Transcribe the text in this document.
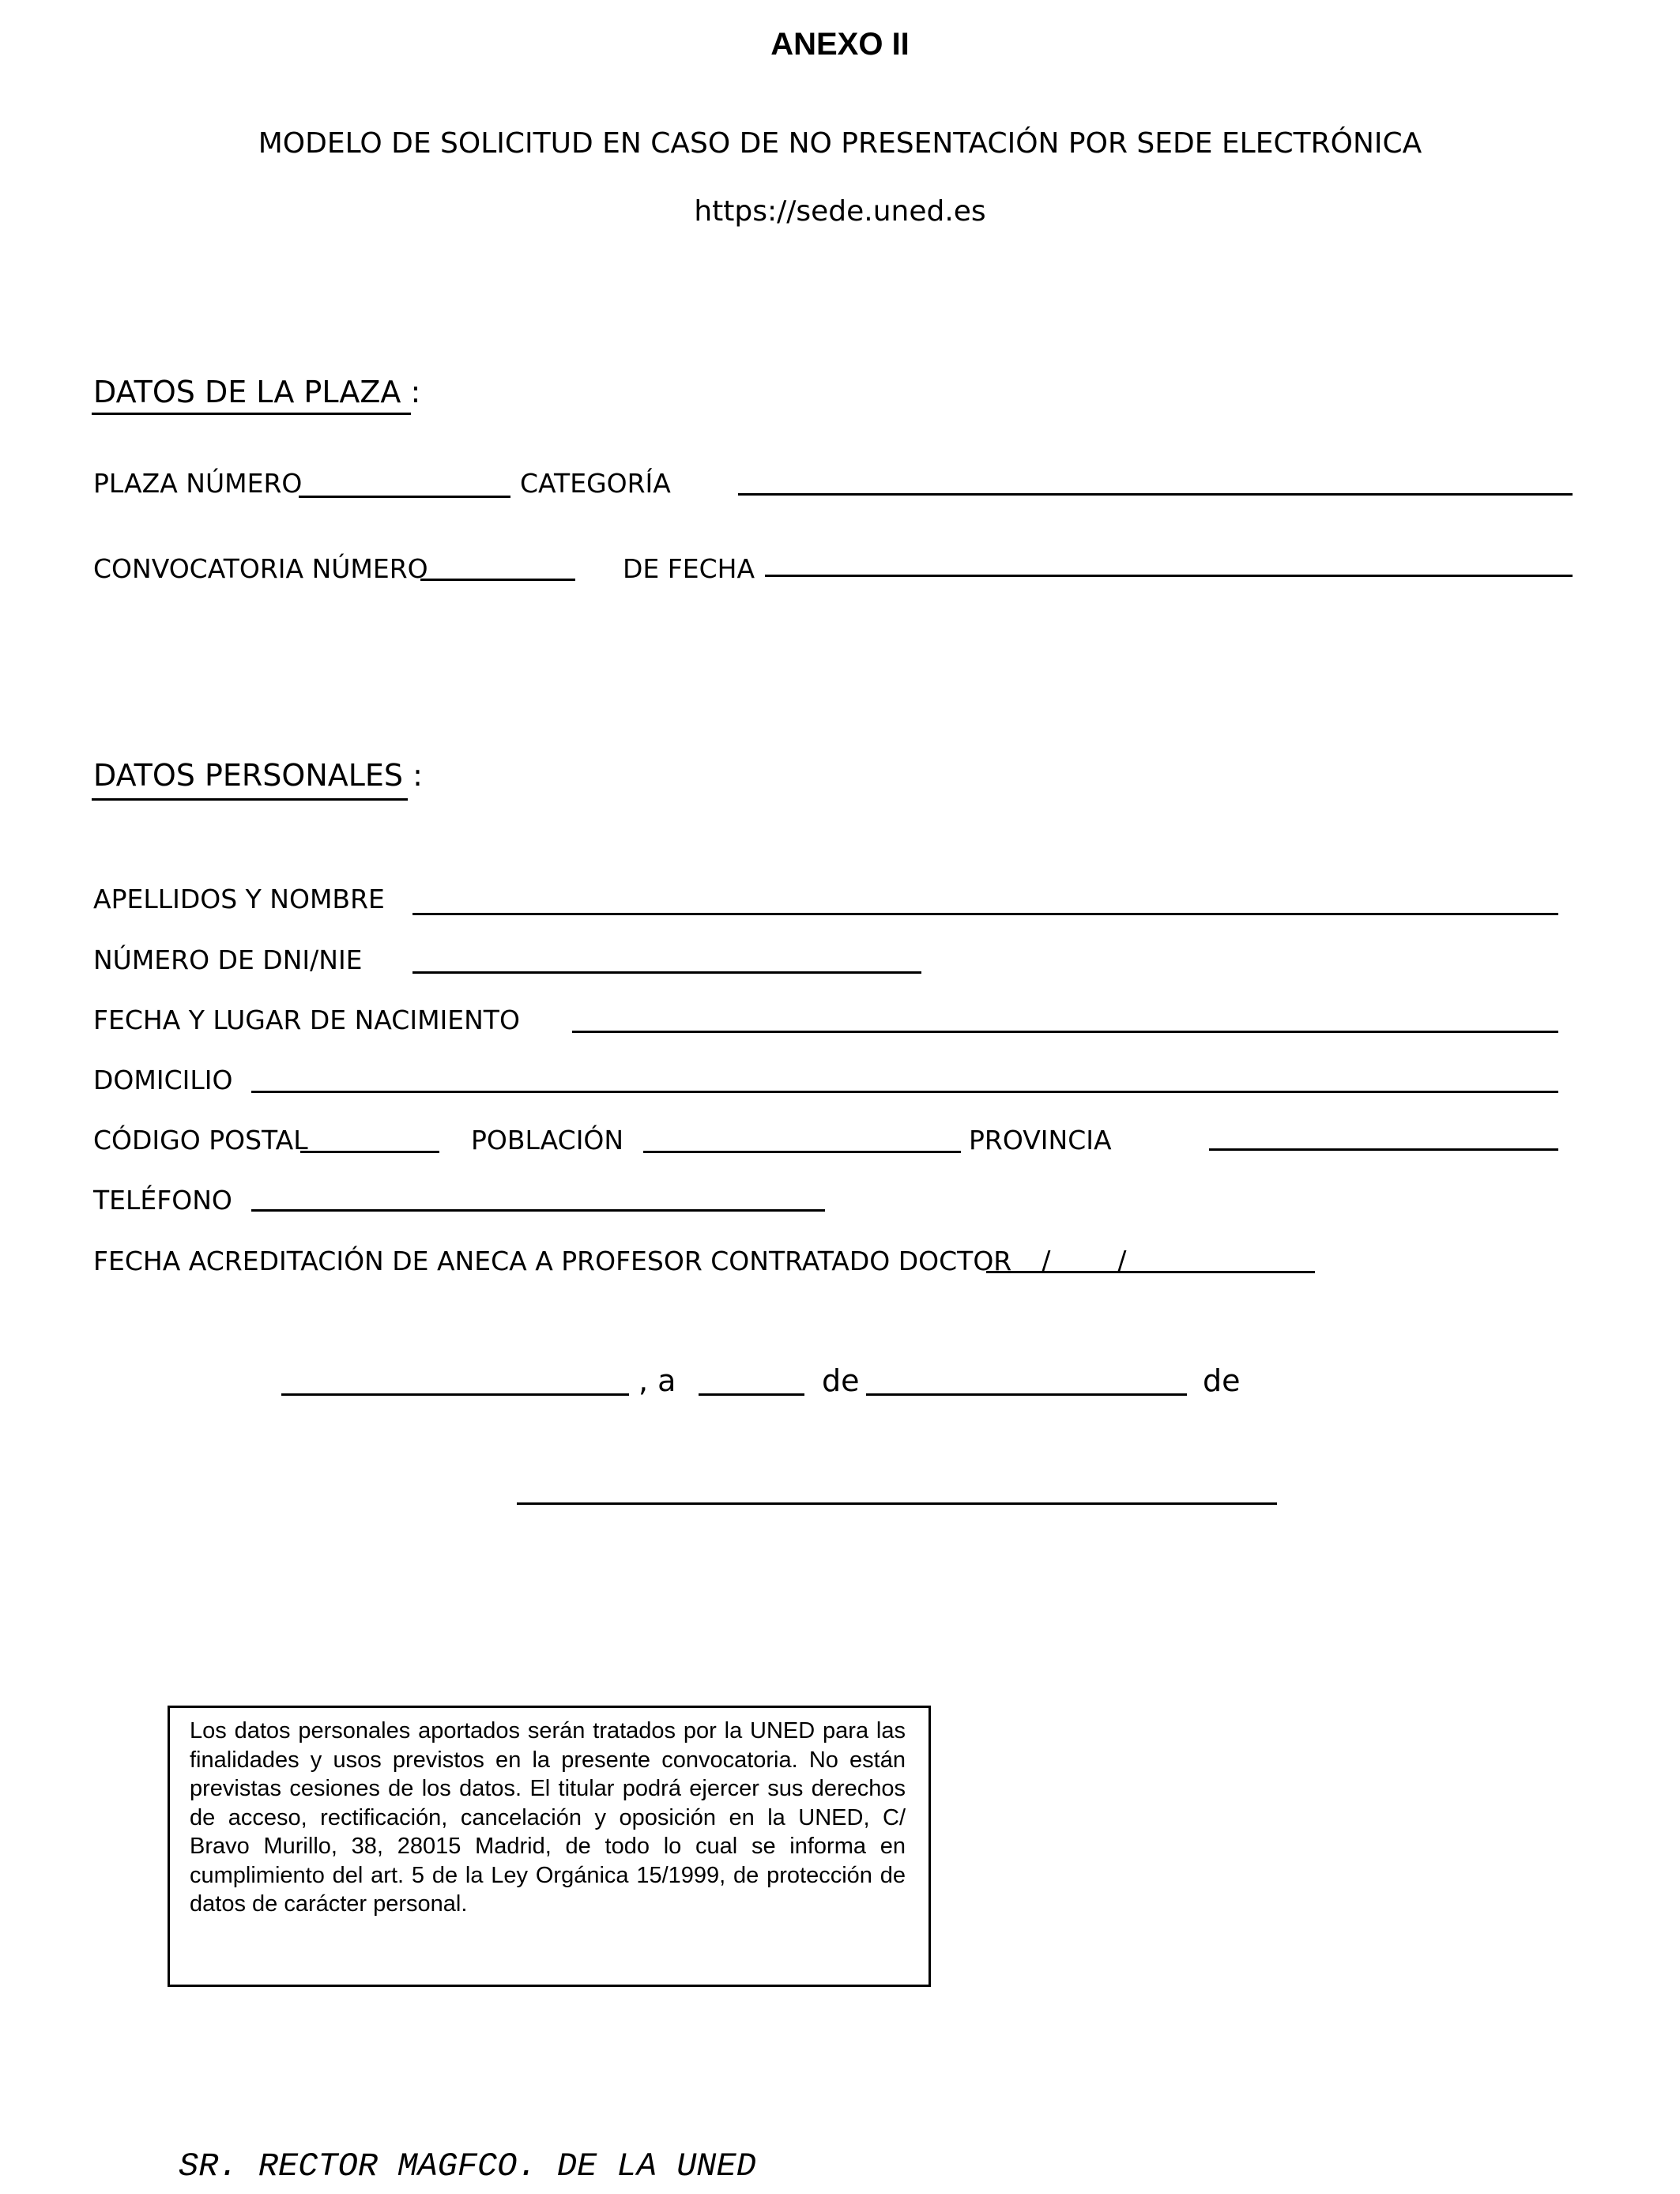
ANEXO II
MODELO DE SOLICITUD EN CASO DE NO PRESENTACIÓN POR SEDE ELECTRÓNICA
https://sede.uned.es
DATOS DE LA PLAZA :
PLAZA NÚMERO	CATEGORÍA
CONVOCATORIA NÚMERO	DE FECHA
DATOS PERSONALES :
APELLIDOS Y NOMBRE
NÚMERO DE DNI/NIE
FECHA Y LUGAR DE NACIMIENTO
DOMICILIO
CÓDIGO POSTAL	POBLACIÓN	PROVINCIA
TELÉFONO
FECHA ACREDITACIÓN DE ANECA A PROFESOR CONTRATADO DOCTOR / /
, a	de	de
Los datos personales aportados serán tratados por la UNED para las finalidades y usos previstos en la presente convocatoria. No están previstas cesiones de los datos. El titular podrá ejercer sus derechos de acceso, rectificación, cancelación y oposición en la UNED, C/ Bravo Murillo, 38, 28015 Madrid, de todo lo cual se informa en cumplimiento del art. 5 de la Ley Orgánica 15/1999, de protección de datos de carácter personal.
SR. RECTOR MAGFCO. DE LA UNED
